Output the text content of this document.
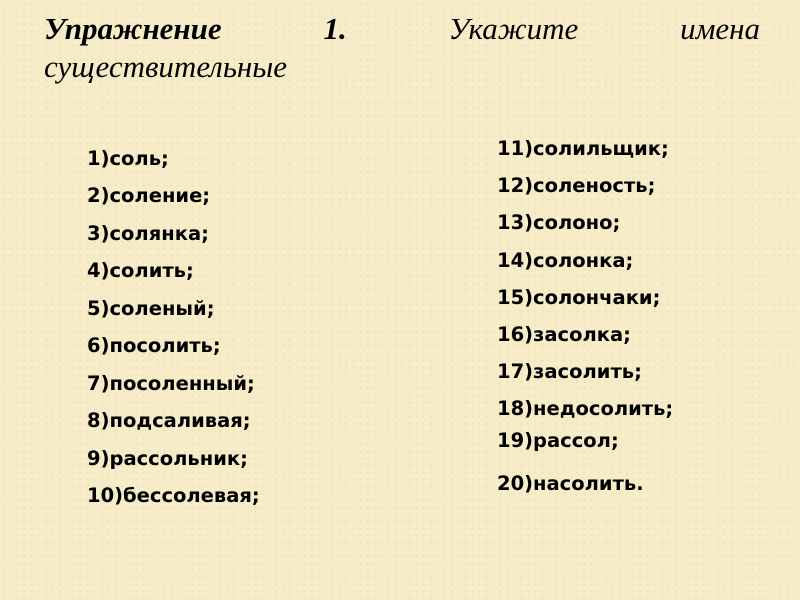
Упражнение	1.	Укажите	имена
существительные
1)соль;
2)соление;
3)солянка;
4)солить;
5)соленый;
6)посолить;
7)посоленный;
8)подсаливая;
9)рассольник;
10)бессолевая;
11)солильщик;
12)соленость;
13)солоно;
14)солонка;
15)солончаки;
16)засолка;
17)засолить;
18)недосолить;
19)рассол;
20)насолить.
